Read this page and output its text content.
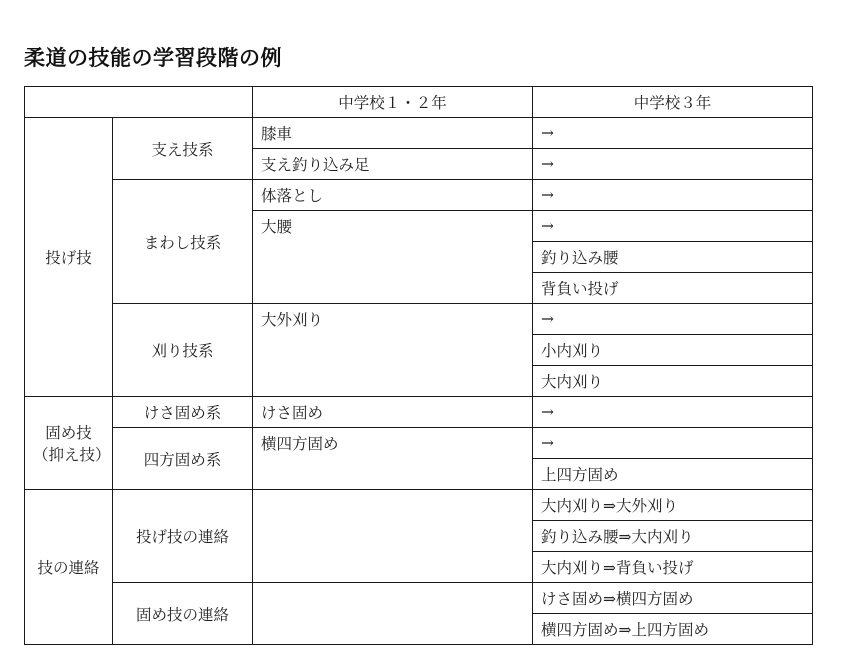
柔道の技能の学習段階の例
		中学校１・２年	中学校３年
投げ技	支え技系	膝車	→
		支え釣り込み足	→
	まわし技系	体落とし	→
		大腰	→
			釣り込み腰
			背負い投げ
	刈り技系	大外刈り	→
			小内刈り
			大内刈り

固め技
（抑え技）	けさ固め系	けさ固め	→
	四方固め系	横四方固め	→
			上四方固め
技の連絡	投げ技の連絡		大内刈り⇒大外刈り
			釣り込み腰⇒大内刈り
			大内刈り⇒背負い投げ
	固め技の連絡		けさ固め⇒横四方固め
			横四方固め⇒上四方固め
